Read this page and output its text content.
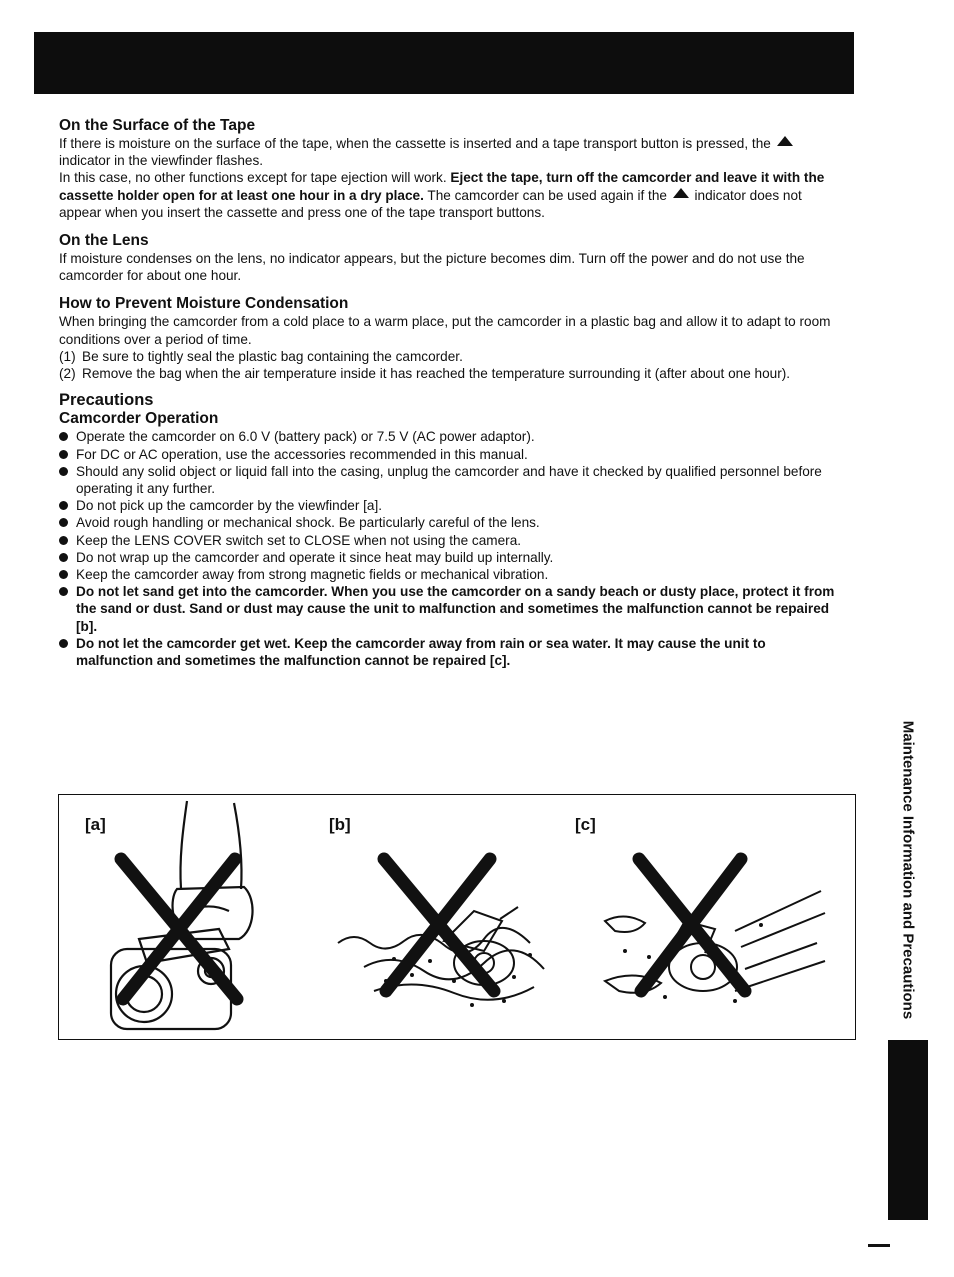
On the Surface of the Tape

If there is moisture on the surface of the tape, when the cassette is inserted and a tape transport button is pressed, the  indicator in the viewfinder flashes.

In this case, no other functions except for tape ejection will work. Eject the tape, turn off the camcorder and leave it with the cassette holder open for at least one hour in a dry place. The camcorder can be used again if the indicator does not appear when you insert the cassette and press one of the tape transport buttons.

On the Lens

If moisture condenses on the lens, no indicator appears, but the picture becomes dim. Turn off the power and do not use the camcorder for about one hour.

How to Prevent Moisture Condensation

When bringing the camcorder from a cold place to a warm place, put the camcorder in a plastic bag and allow it to adapt to room conditions over a period of time.

(1) Be sure to tightly seal the plastic bag containing the camcorder.
(2) Remove the bag when the air temperature inside it has reached the temperature surrounding it (after about one hour).

Precautions

Camcorder Operation

Operate the camcorder on 6.0 V (battery pack) or 7.5 V (AC power adaptor).
For DC or AC operation, use the accessories recommended in this manual.
Should any solid object or liquid fall into the casing, unplug the camcorder and have it checked by qualified personnel before operating it any further.
Do not pick up the camcorder by the viewfinder [a].
Avoid rough handling or mechanical shock. Be particularly careful of the lens.
Keep the LENS COVER switch set to CLOSE when not using the camera.
Do not wrap up the camcorder and operate it since heat may build up internally.
Keep the camcorder away from strong magnetic fields or mechanical vibration.
Do not let sand get into the camcorder. When you use the camcorder on a sandy beach or dusty place, protect it from the sand or dust. Sand or dust may cause the unit to malfunction and sometimes the malfunction cannot be repaired [b].
Do not let the camcorder get wet. Keep the camcorder away from rain or sea water. It may cause the unit to malfunction and sometimes the malfunction cannot be repaired [c].
[a]	[b]	[c]	Maintenance Information and Precautions
